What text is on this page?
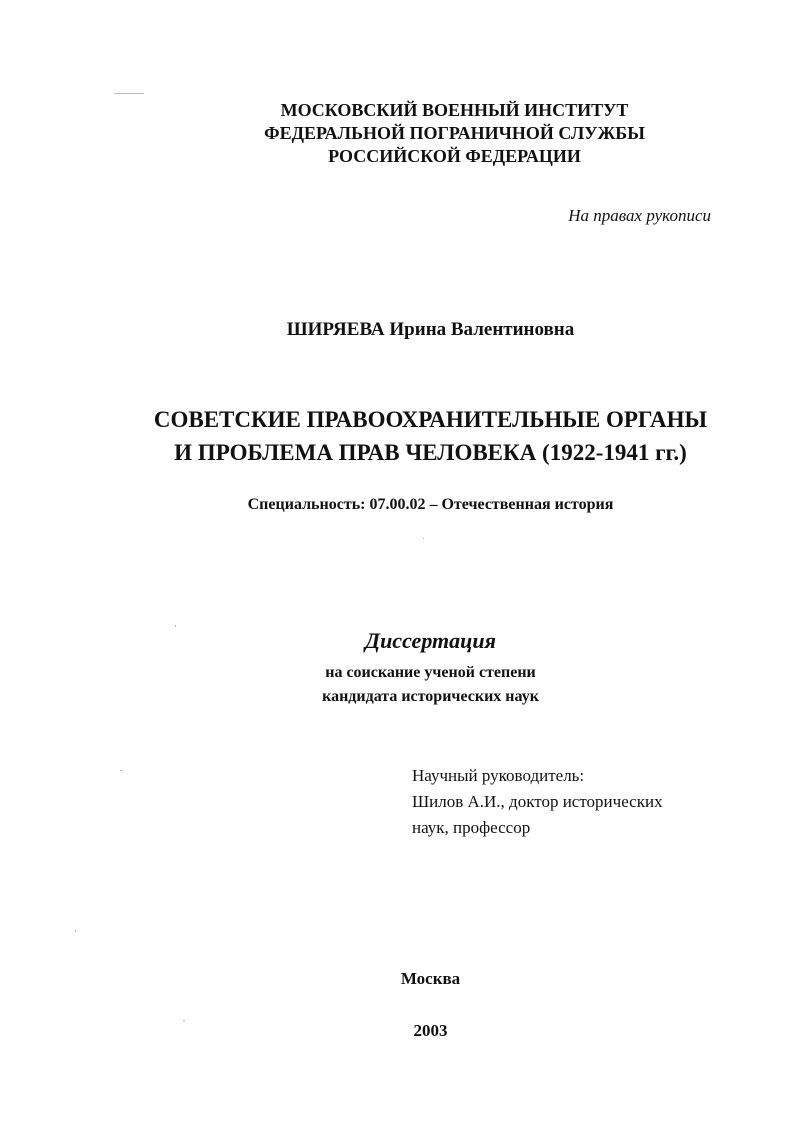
МОСКОВСКИЙ ВОЕННЫЙ ИНСТИТУТ
ФЕДЕРАЛЬНОЙ ПОГРАНИЧНОЙ СЛУЖБЫ
РОССИЙСКОЙ ФЕДЕРАЦИИ
На правах рукописи
ШИРЯЕВА Ирина Валентиновна
СОВЕТСКИЕ ПРАВООХРАНИТЕЛЬНЫЕ ОРГАНЫ
И ПРОБЛЕМА ПРАВ ЧЕЛОВЕКА (1922-1941 гг.)
Специальность: 07.00.02 – Отечественная история
Диссертация
на соискание ученой степени
кандидата исторических наук
Научный руководитель:
Шилов А.И., доктор исторических
наук, профессор
Москва
2003
